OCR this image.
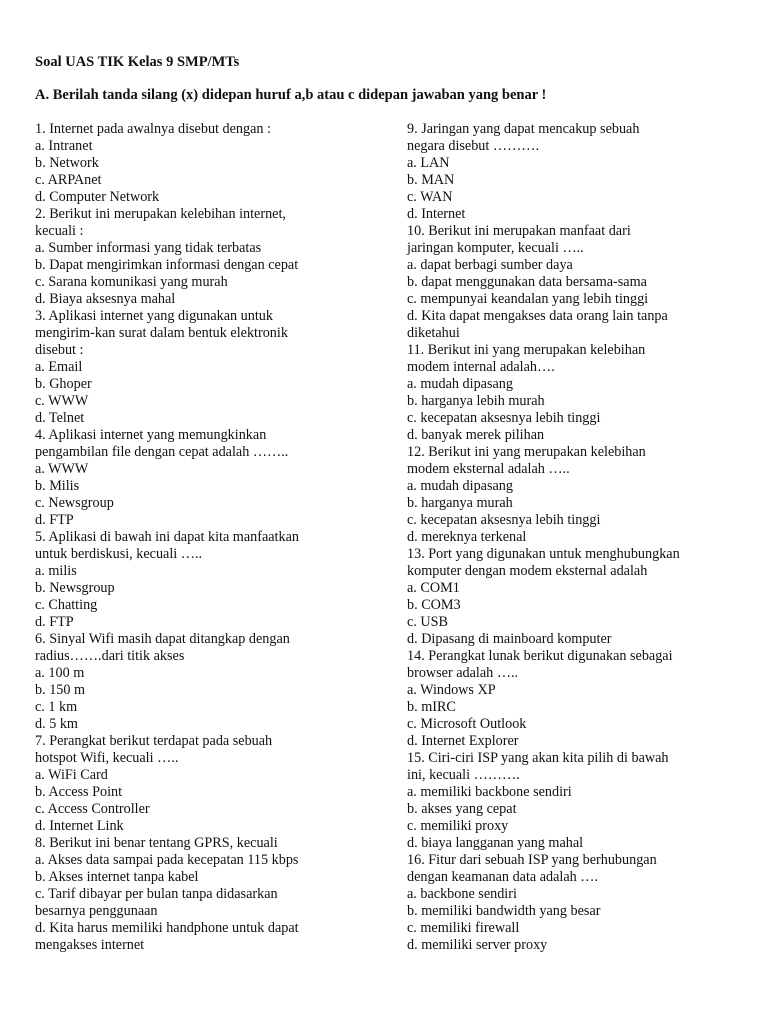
Soal UAS TIK Kelas 9 SMP/MTs
A. Berilah tanda silang (x) didepan huruf a,b atau c didepan jawaban yang benar !
1. Internet pada awalnya disebut dengan :
a. Intranet
b. Network
c. ARPAnet
d. Computer Network
2. Berikut ini merupakan kelebihan internet,
kecuali :
a. Sumber informasi yang tidak terbatas
b. Dapat mengirimkan informasi dengan cepat
c. Sarana komunikasi yang murah
d. Biaya aksesnya mahal
3. Aplikasi internet yang digunakan untuk
mengirim-kan surat dalam bentuk elektronik
disebut :
a. Email
b. Ghoper
c. WWW
d. Telnet
4. Aplikasi internet yang memungkinkan
pengambilan file dengan cepat adalah ……..
a. WWW
b. Milis
c. Newsgroup
d. FTP
5. Aplikasi di bawah ini dapat kita manfaatkan
untuk berdiskusi, kecuali …..
a. milis
b. Newsgroup
c. Chatting
d. FTP
6. Sinyal Wifi masih dapat ditangkap dengan
radius…….dari titik akses
a. 100 m
b. 150 m
c. 1 km
d. 5 km
7. Perangkat berikut terdapat pada sebuah
hotspot Wifi, kecuali …..
a. WiFi Card
b. Access Point
c. Access Controller
d. Internet Link
8. Berikut ini benar tentang GPRS, kecuali
a. Akses data sampai pada kecepatan 115 kbps
b. Akses internet tanpa kabel
c. Tarif dibayar per bulan tanpa didasarkan
besarnya penggunaan
d. Kita harus memiliki handphone untuk dapat
mengakses internet
9. Jaringan yang dapat mencakup sebuah
negara disebut ……….
a. LAN
b. MAN
c. WAN
d. Internet
10. Berikut ini merupakan manfaat dari
jaringan komputer, kecuali …..
a. dapat berbagi sumber daya
b. dapat menggunakan data bersama-sama
c. mempunyai keandalan yang lebih tinggi
d. Kita dapat mengakses data orang lain tanpa
diketahui
11. Berikut ini yang merupakan kelebihan
modem internal adalah….
a. mudah dipasang
b. harganya lebih murah
c. kecepatan aksesnya lebih tinggi
d. banyak merek pilihan
12. Berikut ini yang merupakan kelebihan
modem eksternal adalah …..
a. mudah dipasang
b. harganya murah
c. kecepatan aksesnya lebih tinggi
d. mereknya terkenal
13. Port yang digunakan untuk menghubungkan
komputer dengan modem eksternal adalah
a. COM1
b. COM3
c. USB
d. Dipasang di mainboard komputer
14. Perangkat lunak berikut digunakan sebagai
browser adalah …..
a. Windows XP
b. mIRC
c. Microsoft Outlook
d. Internet Explorer
15. Ciri-ciri ISP yang akan kita pilih di bawah
ini, kecuali ……….
a. memiliki backbone sendiri
b. akses yang cepat
c. memiliki proxy
d. biaya langganan yang mahal
16. Fitur dari sebuah ISP yang berhubungan
dengan keamanan data adalah ….
a. backbone sendiri
b. memiliki bandwidth yang besar
c. memiliki firewall
d. memiliki server proxy
